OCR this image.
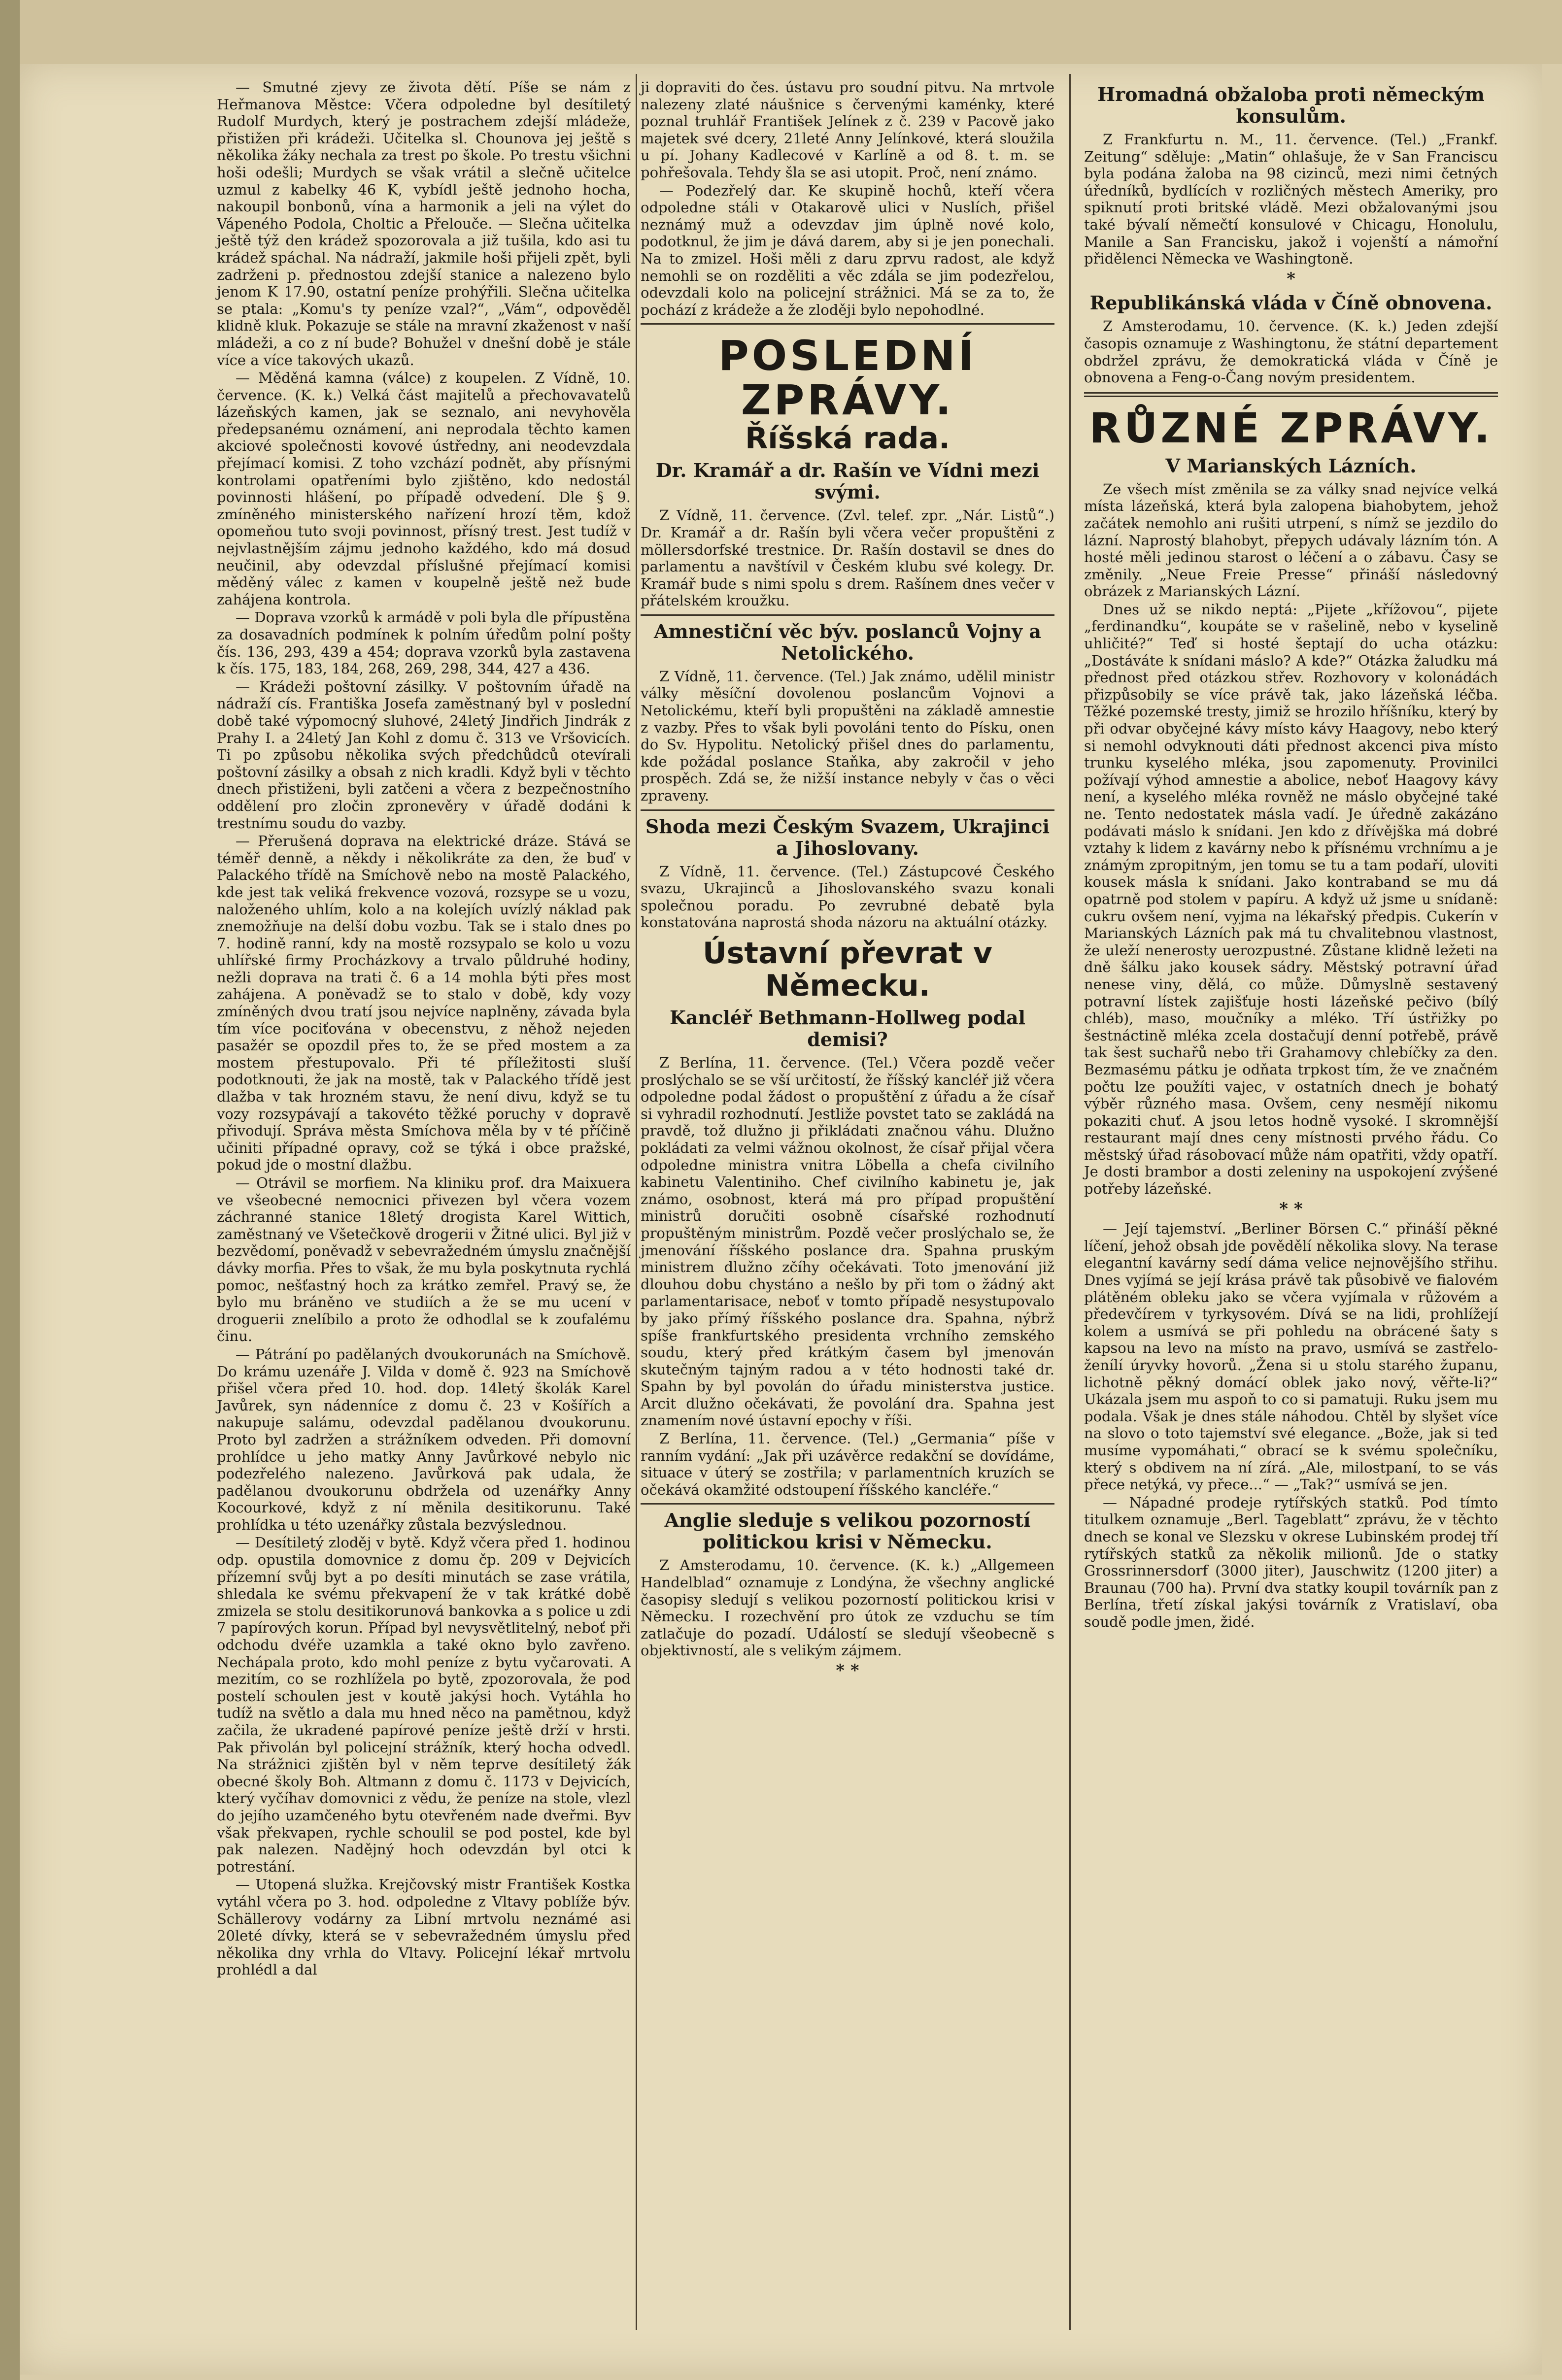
— Smutné zjevy ze života dětí. Píše se nám z Heřmanova Městce: Včera odpoledne byl desítiletý Rudolf Murdych, který je postrachem zdejší mládeže, přistižen při krádeži. Učitelka sl. Chounova jej ještě s několika žáky nechala za trest po škole. Po trestu všichni hoši odešli; Murdych se však vrátil a slečně učitelce uzmul z kabelky 46 K, vybídl ještě jednoho hocha, nakoupil bonbonů, vína a harmonik a jeli na výlet do Vápeného Podola, Choltic a Přelouče. — Slečna učitelka ještě týž den krádež spozorovala a již tušila, kdo asi tu krádež spáchal. Na nádraží, jakmile hoši přijeli zpět, byli zadrženi p. přednostou zdejší stanice a nalezeno bylo jenom K 17.90, ostatní peníze prohýřili. Slečna učitelka se ptala: „Komu's ty peníze vzal?“, „Vám“, odpověděl klidně kluk. Pokazuje se stále na mravní zkaženost v naší mládeži, a co z ní bude? Bohužel v dnešní době je stále více a více takových ukazů.

— Měděná kamna (válce) z koupelen. Z Vídně, 10. července. (K. k.) Velká část majitelů a přechovavatelů lázeňských kamen, jak se seznalo, ani nevyhověla předepsanému oznámení, ani neprodala těchto kamen akciové společnosti kovové ústředny, ani neodevzdala přejímací komisi. Z toho vzchází podnět, aby přísnými kontrolami opatřeními bylo zjištěno, kdo nedostál povinnosti hlášení, po případě odvedení. Dle § 9. zmíněného ministerského nařízení hrozí těm, kdož opomeňou tuto svoji povinnost, přísný trest. Jest tudíž v nejvlastnějším zájmu jednoho každého, kdo má dosud neučinil, aby odevzdal příslušné přejímací komisi měděný válec z kamen v koupelně ještě než bude zahájena kontrola.

— Doprava vzorků k armádě v poli byla dle přípustěna za dosavadních podmínek k polním úředům polní pošty čís. 136, 293, 439 a 454; doprava vzorků byla zastavena k čís. 175, 183, 184, 268, 269, 298, 344, 427 a 436.

— Krádeži poštovní zásilky. V poštovním úřadě na nádraží cís. Františka Josefa zaměstnaný byl v poslední době také výpomocný sluhové, 24letý Jindřich Jindrák z Prahy I. a 24letý Jan Kohl z domu č. 313 ve Vršovicích. Ti po způsobu několika svých předchůdců otevírali poštovní zásilky a obsah z nich kradli. Když byli v těchto dnech přistiženi, byli zatčeni a včera z bezpečnostního oddělení pro zločin zpronevěry v úřadě dodáni k trestnímu soudu do vazby.

— Přerušená doprava na elektrické dráze. Stává se téměř denně, a někdy i několikráte za den, že buď v Palackého třídě na Smíchově nebo na mostě Palackého, kde jest tak veliká frekvence vozová, rozsype se u vozu, naloženého uhlím, kolo a na kolejích uvízlý náklad pak znemožňuje na delší dobu vozbu. Tak se i stalo dnes po 7. hodině ranní, kdy na mostě rozsypalo se kolo u vozu uhlířské firmy Procházkovy a trvalo půldruhé hodiny, nežli doprava na trati č. 6 a 14 mohla býti přes most zahájena. A poněvadž se to stalo v době, kdy vozy zmíněných dvou tratí jsou nejvíce naplněny, závada byla tím více pociťována v obecenstvu, z něhož nejeden pasažér se opozdil přes to, že se před mostem a za mostem přestupovalo. Při té příležitosti sluší podotknouti, že jak na mostě, tak v Palackého třídě jest dlažba v tak hrozném stavu, že není divu, když se tu vozy rozsypávají a takovéto těžké poruchy v dopravě přivodují. Správa města Smíchova měla by v té příčině učiniti případné opravy, což se týká i obce pražské, pokud jde o mostní dlažbu.

— Otrávil se morfiem. Na kliniku prof. dra Maixuera ve všeobecné nemocnici přivezen byl včera vozem záchranné stanice 18letý drogista Karel Wittich, zaměstnaný ve Všetečkově drogerii v Žitné ulici. Byl již v bezvědomí, poněvadž v sebevražedném úmyslu značnější dávky morfia. Přes to však, že mu byla poskytnuta rychlá pomoc, nešťastný hoch za krátko zemřel. Pravý se, že bylo mu bráněno ve studiích a že se mu ucení v droguerii znelíbilo a proto že odhodlal se k zoufalému činu.

— Pátrání po padělaných dvoukorunách na Smíchově. Do krámu uzenáře J. Vilda v domě č. 923 na Smíchově přišel včera před 10. hod. dop. 14letý školák Karel Javůrek, syn nádenníce z domu č. 23 v Košířích a nakupuje salámu, odevzdal padělanou dvoukorunu. Proto byl zadržen a strážníkem odveden. Při domovní prohlídce u jeho matky Anny Javůrkové nebylo nic podezřelého nalezeno. Javůrková pak udala, že padělanou dvoukorunu obdržela od uzenářky Anny Kocourkové, když z ní měnila desitikorunu. Také prohlídka u této uzenářky zůstala bezvýslednou.

— Desítiletý zloděj v bytě. Když včera před 1. hodinou odp. opustila domovnice z domu čp. 209 v Dejvicích přízemní svůj byt a po desíti minutách se zase vrátila, shledala ke svému překvapení že v tak krátké době zmizela se stolu desitikorunová bankovka a s police u zdi 7 papírových korun. Případ byl nevysvětlitelný, neboť při odchodu dvéře uzamkla a také okno bylo zavřeno. Nechápala proto, kdo mohl peníze z bytu vyčarovati. A mezitím, co se rozhlížela po bytě, zpozorovala, že pod postelí schoulen jest v koutě jakýsi hoch. Vytáhla ho tudíž na světlo a dala mu hned něco na pamětnou, když začila, že ukradené papírové peníze ještě drží v hrsti. Pak přivolán byl policejní strážník, který hocha odvedl. Na strážnici zjištěn byl v něm teprve desítiletý žák obecné školy Boh. Altmann z domu č. 1173 v Dejvicích, který vyčíhav domovnici z vědu, že peníze na stole, vlezl do jejího uzamčeného bytu otevřeném nade dveřmi. Byv však překvapen, rychle schoulil se pod postel, kde byl pak nalezen. Nadějný hoch odevzdán byl otci k potrestání.

— Utopená služka. Krejčovský mistr František Kostka vytáhl včera po 3. hod. odpoledne z Vltavy poblíže býv. Schällerovy vodárny za Libní mrtvolu neznámé asi 20leté dívky, která se v sebevražedném úmyslu před několika dny vrhla do Vltavy. Policejní lékař mrtvolu prohlédl a dal

ji dopraviti do čes. ústavu pro soudní pitvu. Na mrtvole nalezeny zlaté náušnice s červenými kaménky, které poznal truhlář František Jelínek z č. 239 v Pacově jako majetek své dcery, 21leté Anny Jelínkové, která sloužila u pí. Johany Kadlecové v Karlíně a od 8. t. m. se pohřešovala. Tehdy šla se asi utopit. Proč, není známo.

— Podezřelý dar. Ke skupině hochů, kteří včera odpoledne stáli v Otakarově ulici v Nuslích, přišel neznámý muž a odevzdav jim úplně nové kolo, podotknul, že jim je dává darem, aby si je jen ponechali. Na to zmizel. Hoši měli z daru zprvu radost, ale když nemohli se on rozděliti a věc zdála se jim podezřelou, odevzdali kolo na policejní strážnici. Má se za to, že pochází z krádeže a že zloději bylo nepohodlné.

POSLEDNÍ ZPRÁVY.
Říšská rada.
Dr. Kramář a dr. Rašín ve Vídni mezi svými.

Z Vídně, 11. července. (Zvl. telef. zpr. „Nár. Listů“.) Dr. Kramář a dr. Rašín byli včera večer propuštěni z möllersdorfské trestnice. Dr. Rašín dostavil se dnes do parlamentu a navštívil v Českém klubu své kolegy. Dr. Kramář bude s nimi spolu s drem. Rašínem dnes večer v přátelském kroužku.

Amnestiční věc býv. poslanců Vojny a Netolického.

Z Vídně, 11. července. (Tel.) Jak známo, udělil ministr války měsíční dovolenou poslancům Vojnovi a Netolickému, kteří byli propuštěni na základě amnestie z vazby. Přes to však byli povoláni tento do Písku, onen do Sv. Hypolitu. Netolický přišel dnes do parlamentu, kde požádal poslance Staňka, aby zakročil v jeho prospěch. Zdá se, že nižší instance nebyly v čas o věci zpraveny.

Shoda mezi Českým Svazem, Ukrajinci a Jihoslovany.

Z Vídně, 11. července. (Tel.) Zástupcové Českého svazu, Ukrajinců a Jihoslovanského svazu konali společnou poradu. Po zevrubné debatě byla konstatována naprostá shoda názoru na aktuální otázky.

Ústavní převrat v Německu.
Kancléř Bethmann-Hollweg podal demisi?

Z Berlína, 11. července. (Tel.) Včera pozdě večer proslýchalo se se vší určitostí, že říšský kancléř již včera odpoledne podal žádost o propuštění z úřadu a že císař si vyhradil rozhodnutí. Jestliže povstet tato se zakládá na pravdě, tož dlužno ji přikládati značnou váhu. Dlužno pokládati za velmi vážnou okolnost, že císař přijal včera odpoledne ministra vnitra Löbella a chefa civilního kabinetu Valentiniho. Chef civilního kabinetu je, jak známo, osobnost, která má pro případ propuštění ministrů doručiti osobně císařské rozhodnutí propuštěným ministrům. Pozdě večer proslýchalo se, že jmenování říšského poslance dra. Spahna pruským ministrem dlužno zčíhy očekávati. Toto jmenování již dlouhou dobu chystáno a nešlo by při tom o žádný akt parlamentarisace, neboť v tomto případě nesystupovalo by jako přímý říšského poslance dra. Spahna, nýbrž spíše frankfurtského presidenta vrchního zemského soudu, který před krátkým časem byl jmenován skutečným tajným radou a v této hodnosti také dr. Spahn by byl povolán do úřadu ministerstva justice. Arcit dlužno očekávati, že povolání dra. Spahna jest znamením nové ústavní epochy v říši.

Z Berlína, 11. července. (Tel.) „Germania“ píše v ranním vydání: „Jak při uzávěrce redakční se dovídáme, situace v úterý se zostřila; v parlamentních kruzích se očekává okamžité odstoupení říšského kancléře.“

Anglie sleduje s velikou pozorností politickou krisi v Německu.

Z Amsterodamu, 10. července. (K. k.) „Allgemeen Handelblad“ oznamuje z Londýna, že všechny anglické časopisy sledují s velikou pozorností politickou krisi v Německu. I rozechvění pro útok ze vzduchu se tím zatlačuje do pozadí. Událostí se sledují všeobecně s objektivností, ale s velikým zájmem.

* *
Hromadná obžaloba proti německým konsulům.

Z Frankfurtu n. M., 11. července. (Tel.) „Frankf. Zeitung“ sděluje: „Matin“ ohlašuje, že v San Franciscu byla podána žaloba na 98 cizinců, mezi nimi četných úředníků, bydlících v rozličných městech Ameriky, pro spiknutí proti britské vládě. Mezi obžalovanými jsou také bývalí němečtí konsulové v Chicagu, Honolulu, Manile a San Francisku, jakož i vojenští a námořní přidělenci Německa ve Washingtoně.

*
Republikánská vláda v Číně obnovena.

Z Amsterodamu, 10. července. (K. k.) Jeden zdejší časopis oznamuje z Washingtonu, že státní departement obdržel zprávu, že demokratická vláda v Číně je obnovena a Feng-o-Čang novým presidentem.

RŮZNÉ ZPRÁVY.
V Marianských Lázních.

Ze všech míst změnila se za války snad nejvíce velká místa lázeňská, která byla zalopena biahobytem, jehož začátek nemohlo ani rušiti utrpení, s nímž se jezdilo do lázní. Naprostý blahobyt, přepych udávaly lázním tón. A hosté měli jedinou starost o léčení a o zábavu. Časy se změnily. „Neue Freie Presse“ přináší následovný obrázek z Marianských Lázní.

Dnes už se nikdo neptá: „Pijete „křížovou“, pijete „ferdinandku“, koupáte se v rašelině, nebo v kyselině uhličité?“ Teď si hosté šeptají do ucha otázku: „Dostáváte k snídani máslo? A kde?“ Otázka žaludku má přednost před otázkou střev. Rozhovory v kolonádách přizpůsobily se více právě tak, jako lázeňská léčba. Těžké pozemské tresty, jimiž se hrozilo hříšníku, který by při odvar obyčejné kávy místo kávy Haagovy, nebo který si nemohl odvyknouti dáti přednost akcenci piva místo trunku kyselého mléka, jsou zapomenuty. Provinilci požívají výhod amnestie a abolice, neboť Haagovy kávy není, a kyselého mléka rovněž ne máslo obyčejné také ne. Tento nedostatek másla vadí. Je úředně zakázáno podávati máslo k snídani. Jen kdo z dřívějška má dobré vztahy k lidem z kavárny nebo k přísnému vrchnímu a je známým zpropitným, jen tomu se tu a tam podaří, uloviti kousek másla k snídani. Jako kontraband se mu dá opatrně pod stolem v papíru. A když už jsme u snídaně: cukru ovšem není, vyjma na lékařský předpis. Cukerín v Marianských Lázních pak má tu chvalitebnou vlastnost, že uleží nenerosty uerozpustné. Zůstane klidně ležeti na dně šálku jako kousek sádry. Městský potravní úřad nenese viny, dělá, co může. Důmyslně sestavený potravní lístek zajišťuje hosti lázeňské pečivo (bílý chléb), maso, moučníky a mléko. Tří ústřižky po šestnáctině mléka zcela dostačují denní potřebě, právě tak šest suchařů nebo tři Grahamovy chlebíčky za den. Bezmasému pátku je odňata trpkost tím, že ve značném počtu lze použíti vajec, v ostatních dnech je bohatý výběr různého masa. Ovšem, ceny nesmějí nikomu pokaziti chuť. A jsou letos hodně vysoké. I skromnější restaurant mají dnes ceny místnosti prvého řádu. Co městský úřad rásobovací může nám opatřiti, vždy opatří. Je dosti brambor a dosti zeleniny na uspokojení zvýšené potřeby lázeňské.

* *

— Její tajemství. „Berliner Börsen C.“ přináší pěkné líčení, jehož obsah jde povědělí několika slovy. Na terase elegantní kavárny sedí dáma velice nejnovějšího střihu. Dnes vyjímá se její krása právě tak působivě ve fialovém plátěném obleku jako se včera vyjímala v růžovém a předevčírem v tyrkysovém. Dívá se na lidi, prohlížejí kolem a usmívá se při pohledu na obrácené šaty s kapsou na levo na místo na pravo, usmívá se zastřelo-ženílí úryvky hovorů. „Žena si u stolu starého županu, lichotně pěkný domácí oblek jako nový, věřte-li?“ Ukázala jsem mu aspoň to co si pamatuji. Ruku jsem mu podala. Však je dnes stále náhodou. Chtěl by slyšet více na slovo o toto tajemství své elegance. „Bože, jak si ted musíme vypomáhati,“ obrací se k svému společníku, který s obdivem na ní zírá. „Ale, milostpaní, to se vás přece netýká, vy přece...“ — „Tak?“ usmívá se jen.

— Nápadné prodeje rytířských statků. Pod tímto titulkem oznamuje „Berl. Tageblatt“ zprávu, že v těchto dnech se konal ve Slezsku v okrese Lubinském prodej tří rytířských statků za několik milionů. Jde o statky Grossrinnersdorf (3000 jiter), Jauschwitz (1200 jiter) a Braunau (700 ha). První dva statky koupil továrník pan z Berlína, třetí získal jakýsi továrník z Vratislaví, oba soudě podle jmen, židé.
